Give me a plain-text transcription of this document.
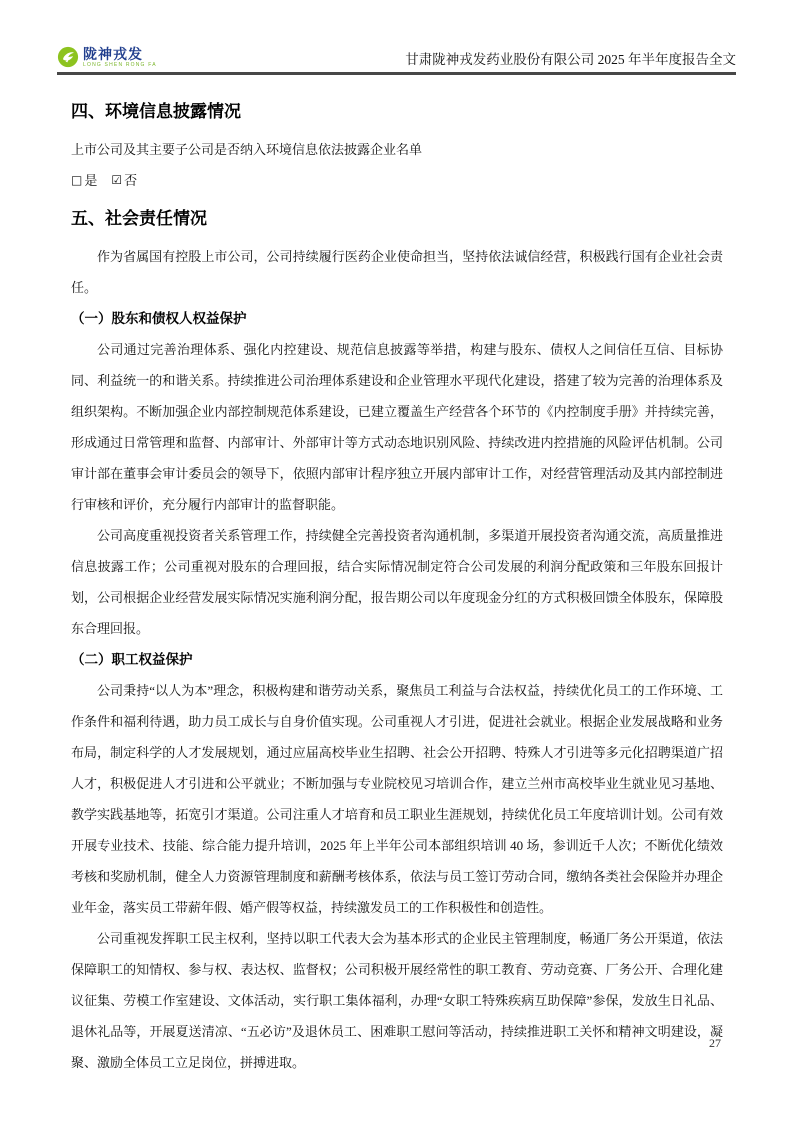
陇神戎发
LONG SHEN RONG FA	甘肃陇神戎发药业股份有限公司 2025 年半年度报告全文
四、环境信息披露情况

上市公司及其主要子公司是否纳入环境信息依法披露企业名单

□ 是 ☑ 否

五、社会责任情况

作为省属国有控股上市公司，公司持续履行医药企业使命担当，坚持依法诚信经营，积极践行国有企业社会责任。

（一）股东和债权人权益保护

公司通过完善治理体系、强化内控建设、规范信息披露等举措，构建与股东、债权人之间信任互信、目标协同、利益统一的和谐关系。持续推进公司治理体系建设和企业管理水平现代化建设，搭建了较为完善的治理体系及组织架构。不断加强企业内部控制规范体系建设，已建立覆盖生产经营各个环节的《内控制度手册》并持续完善，形成通过日常管理和监督、内部审计、外部审计等方式动态地识别风险、持续改进内控措施的风险评估机制。公司审计部在董事会审计委员会的领导下，依照内部审计程序独立开展内部审计工作，对经营管理活动及其内部控制进行审核和评价，充分履行内部审计的监督职能。

公司高度重视投资者关系管理工作，持续健全完善投资者沟通机制，多渠道开展投资者沟通交流，高质量推进信息披露工作；公司重视对股东的合理回报，结合实际情况制定符合公司发展的利润分配政策和三年股东回报计划，公司根据企业经营发展实际情况实施利润分配，报告期公司以年度现金分红的方式积极回馈全体股东，保障股东合理回报。

（二）职工权益保护

公司秉持“以人为本”理念，积极构建和谐劳动关系，聚焦员工利益与合法权益，持续优化员工的工作环境、工作条件和福利待遇，助力员工成长与自身价值实现。公司重视人才引进，促进社会就业。根据企业发展战略和业务布局，制定科学的人才发展规划，通过应届高校毕业生招聘、社会公开招聘、特殊人才引进等多元化招聘渠道广招人才，积极促进人才引进和公平就业；不断加强与专业院校见习培训合作，建立兰州市高校毕业生就业见习基地、教学实践基地等，拓宽引才渠道。公司注重人才培育和员工职业生涯规划，持续优化员工年度培训计划。公司有效开展专业技术、技能、综合能力提升培训，2025 年上半年公司本部组织培训 40 场，参训近千人次；不断优化绩效考核和奖励机制，健全人力资源管理制度和薪酬考核体系，依法与员工签订劳动合同，缴纳各类社会保险并办理企业年金，落实员工带薪年假、婚产假等权益，持续激发员工的工作积极性和创造性。

公司重视发挥职工民主权利，坚持以职工代表大会为基本形式的企业民主管理制度，畅通厂务公开渠道，依法保障职工的知情权、参与权、表达权、监督权；公司积极开展经常性的职工教育、劳动竞赛、厂务公开、合理化建议征集、劳模工作室建设、文体活动，实行职工集体福利，办理“女职工特殊疾病互助保障”参保，发放生日礼品、退休礼品等，开展夏送清凉、“五必访”及退休员工、困难职工慰问等活动，持续推进职工关怀和精神文明建设，凝聚、激励全体员工立足岗位，拼搏进取。

27
